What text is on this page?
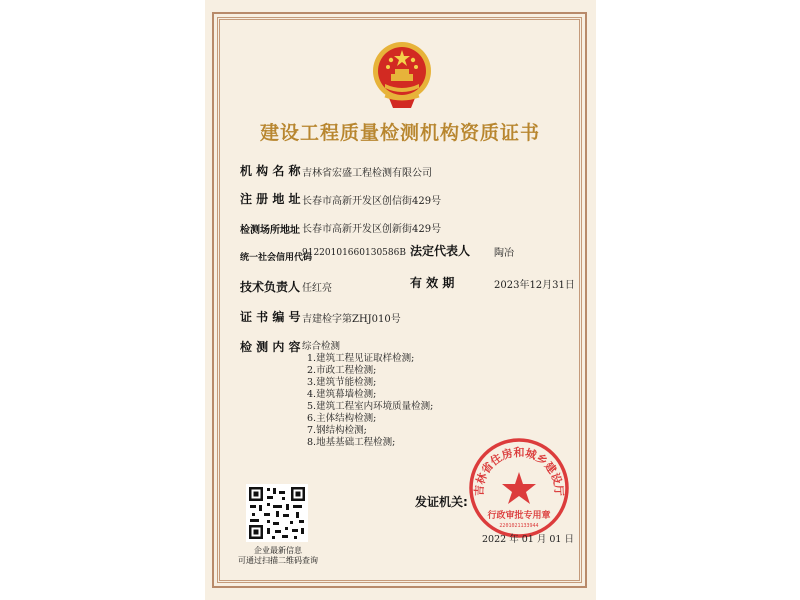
建设工程质量检测机构资质证书
机 构 名 称 吉林省宏盛工程检测有限公司
注 册 地 址 长春市高新开发区创信街429号
检测场所地址 长春市高新开发区创新街429号
统一社会信用代码
91220101660130586B 法定代表人 陶冶
技术负责人 任红亮	有 效 期	2023年12月31日
证 书 编 号 吉建检字第ZHJ010号
检 测 内 容 综合检测
1.建筑工程见证取样检测;
2.市政工程检测;
3.建筑节能检测;
4.建筑幕墙检测;
5.建筑工程室内环境质量检测;
6.主体结构检测;
7.钢结构检测;
8.地基基础工程检测;
企业最新信息
可通过扫描二维码查询
发证机关:
吉林省住房和城乡建设厅
行政审批专用章
2201021133944
2022 年 01 月 01 日
